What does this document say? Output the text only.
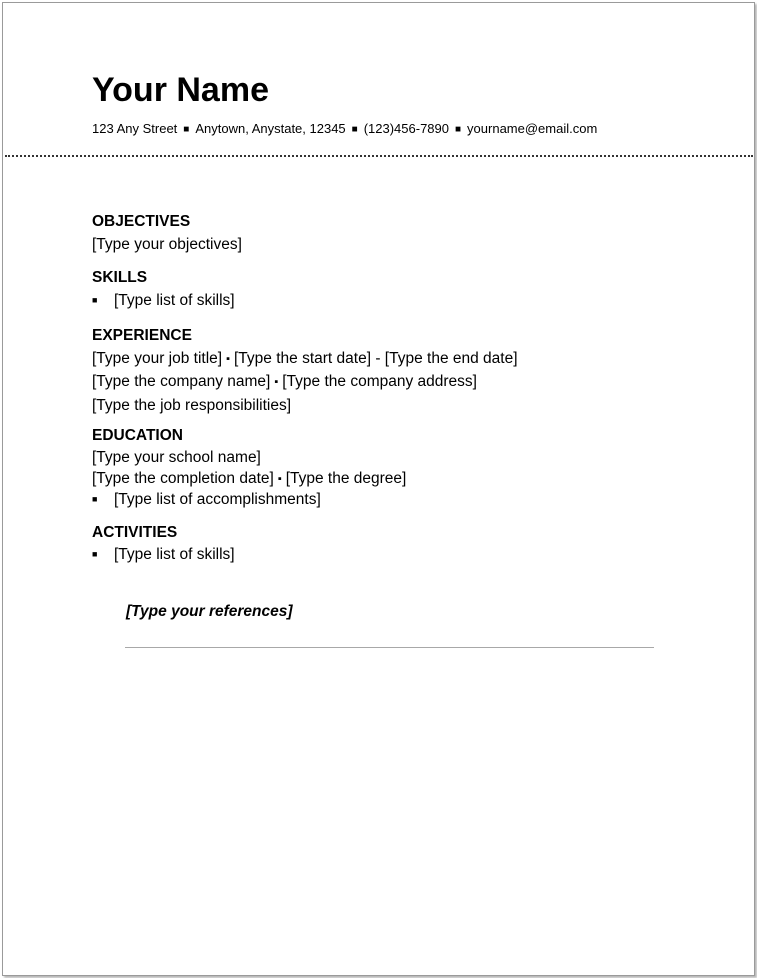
Your Name
123 Any Street ■ Anytown, Anystate, 12345 ■ (123)456-7890 ■ yourname@email.com
OBJECTIVES
[Type your objectives]
SKILLS
■ [Type list of skills]
EXPERIENCE
[Type your job title] ▪ [Type the start date] - [Type the end date]
[Type the company name] ▪ [Type the company address]
[Type the job responsibilities]
EDUCATION
[Type your school name]
[Type the completion date] ▪ [Type the degree]
■ [Type list of accomplishments]
ACTIVITIES
■ [Type list of skills]
[Type your references]
